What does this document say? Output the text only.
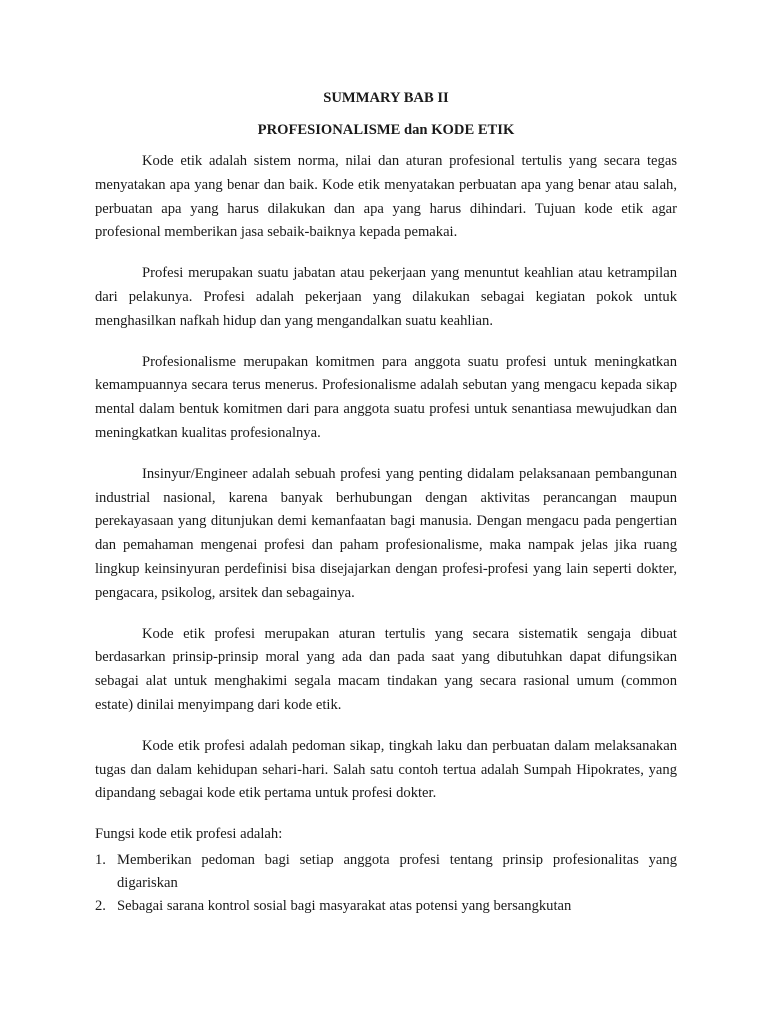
SUMMARY BAB II
PROFESIONALISME dan KODE ETIK

Kode etik adalah sistem norma, nilai dan aturan profesional tertulis yang secara tegas menyatakan apa yang benar dan baik. Kode etik menyatakan perbuatan apa yang benar atau salah, perbuatan apa yang harus dilakukan dan apa yang harus dihindari. Tujuan kode etik agar profesional memberikan jasa sebaik-baiknya kepada pemakai.

Profesi merupakan suatu jabatan atau pekerjaan yang menuntut keahlian atau ketrampilan dari pelakunya. Profesi adalah pekerjaan yang dilakukan sebagai kegiatan pokok untuk menghasilkan nafkah hidup dan yang mengandalkan suatu keahlian.

Profesionalisme merupakan komitmen para anggota suatu profesi untuk meningkatkan kemampuannya secara terus menerus. Profesionalisme adalah sebutan yang mengacu kepada sikap mental dalam bentuk komitmen dari para anggota suatu profesi untuk senantiasa mewujudkan dan meningkatkan kualitas profesionalnya.

Insinyur/Engineer adalah sebuah profesi yang penting didalam pelaksanaan pembangunan industrial nasional, karena banyak berhubungan dengan aktivitas perancangan maupun perekayasaan yang ditunjukan demi kemanfaatan bagi manusia. Dengan mengacu pada pengertian dan pemahaman mengenai profesi dan paham profesionalisme, maka nampak jelas jika ruang lingkup keinsinyuran perdefinisi bisa disejajarkan dengan profesi-profesi yang lain seperti dokter, pengacara, psikolog, arsitek dan sebagainya.

Kode etik profesi merupakan aturan tertulis yang secara sistematik sengaja dibuat berdasarkan prinsip-prinsip moral yang ada dan pada saat yang dibutuhkan dapat difungsikan sebagai alat untuk menghakimi segala macam tindakan yang secara rasional umum (common estate) dinilai menyimpang dari kode etik.

Kode etik profesi adalah pedoman sikap, tingkah laku dan perbuatan dalam melaksanakan tugas dan dalam kehidupan sehari-hari. Salah satu contoh tertua adalah Sumpah Hipokrates, yang dipandang sebagai kode etik pertama untuk profesi dokter.

Fungsi kode etik profesi adalah:

1. Memberikan pedoman bagi setiap anggota profesi tentang prinsip profesionalitas yang digariskan
2. Sebagai sarana kontrol sosial bagi masyarakat atas potensi yang bersangkutan
